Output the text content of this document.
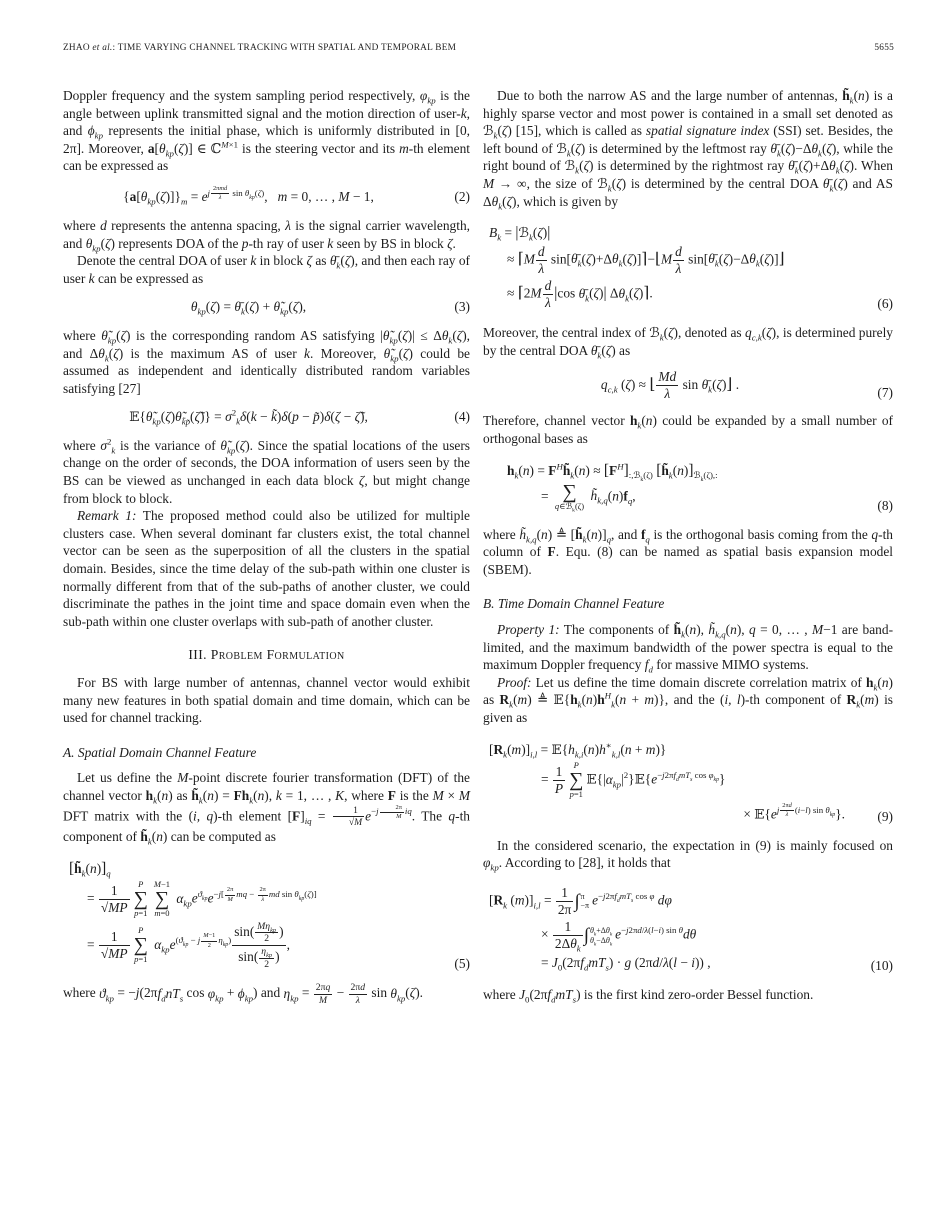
ZHAO et al.: TIME VARYING CHANNEL TRACKING WITH SPATIAL AND TEMPORAL BEM	5655

Doppler frequency and the system sampling period respectively, $\varphi_{kp}$ is the angle between uplink transmitted signal and the motion direction of user-k, and $\phi_{kp}$ represents the initial phase, which is uniformly distributed in [0, 2π]. Moreover, $a[\theta_{kp}(\zeta)]$ ∈ ℂ$^{M\times 1}$ is the steering vector and its m-th element can be expressed as

$\{a[\theta_{kp}(\zeta)]\}_m = e^{j 2\pi md \lambda sin \theta_{kp}(\zeta)}$,   m = 0, … , M − 1,	(2)

where d represents the antenna spacing, λ is the signal carrier wavelength, and $\theta_{kp}(\zeta)$ represents DOA of the p-th ray of user k seen by BS in block ζ.

Denote the central DOA of user k in block ζ as $\thetā_k(\zeta)$, and then each ray of user k can be expressed as

$\theta_{kp}(\zeta)$ = $\thetā_k(\zeta)$ + $\thetã_{kp}(\zeta)$,	(3)

where $\thetã_{kp}(\zeta)$ is the corresponding random AS satisfying $|\thetã_{kp}(\zeta)| \le \Delta\theta_k(\zeta)$, and $\Delta\theta_k(\zeta)$ is the maximum AS of user k. Moreover, $\thetã_{kp}(\zeta)$ could be assumed as independent and identically distributed random variables satisfying [27]

$𝔼\{\thetã_{kp}(\zeta)\thetã_{k̃p̃}(\zetã)\} = \sigma^2_k\delta(k$ − k̃)δ(p − p̃)δ(ζ − ζ̃),	(4)

where $\sigma^2_k$ is the variance of $\thetã_{kp}(\zeta)$. Since the spatial locations of the users change on the order of seconds, the DOA information of users seen by the BS can be viewed as unchanged in each data block ζ, but might change from block to block.

Remark 1: The proposed method could also be utilized for multiple clusters case. When several dominant far clusters exist, the total channel vector can be seen as the superposition of all the clusters in the spatial domain. Besides, since the time delay of the sub-path within one cluster is normally different from that of the sub-paths of another cluster, we could discriminate the pathes in the joint time and space domain even when the sub-path within one cluster overlaps with sub-path of another cluster.

III. Problem Formulation

For BS with large number of antennas, channel vector would exhibit many new features in both spatial domain and time domain, which can be used for channel tracking.

A. Spatial Domain Channel Feature

Let us define the M-point discrete fourier transformation (DFT) of the channel vector $h_k(n)$ as $h̃_k(n) = Fh_k(n)$, k = 1, … , K, where F is the M × M DFT matrix with the (i, q)-th element $[F]_{iq} = \frac{1}{√M} e^{-j \frac{2\pi}{M} iq}$. The q-th component of $h̃_k(n)$ can be computed as

$[h̃_k(n)]_q$
= $\frac{1}{√MP}$ P
∑
p=1
M−1
∑
m=0
$\alpha_{kp}e^{ϑ_{kp}}e^{-j[ \frac{2\pi}{M} mq - \frac{2\pi}{\lambda} md sin \theta_{kp}(\zeta)]}$
= $\frac{1}{√MP}$ P
∑
p=1
$\alpha_{kp}e^{(ϑ_{kp} - j \frac{M-1}{2} \eta_{kp})}$
sin( $M\eta_{kp}$
2 )
sin( $\eta_{kp}$
2 )
,
(5)

where $ϑ_{kp} = -j(2\pi f_dnT_s$ $\cos \varphi_{kp} + \phi_{kp}$) and $\eta_{kp} = \frac{2\pi q}{M} - \frac{2\pi d}{\lambda}$ $\sin \theta_{kp}(\zeta)$.

Due to both the narrow AS and the large number of antennas, $h̃_k(n)$ is a highly sparse vector and most power is contained in a small set denoted as ℬ$_k$(ζ) [15], which is called as spatial signature index (SSI) set. Besides, the left bound of ℬ$_k$(ζ) is determined by the leftmost ray $\thetā_k(\zeta)-\Delta\theta_k(\zeta)$, while the right bound of ℬ$_k$(ζ) is determined by the rightmost ray $\thetā_k(\zeta)+\Delta\theta_k(\zeta)$. When M → ∞, the size of ℬ$_k$(ζ) is determined by the central DOA $\thetā_k(\zeta)$ and AS $\Delta\theta_k(\zeta)$, which is given by

$B_k$ = |ℬ$_k$(ζ)|
≈ ⌈M $\frac{d}{\lambda}$ $\sin[\thetā_k(\zeta)+\Delta\theta_k(\zeta)]⌉-⌊M \frac{d}{\lambda}$ $\sin[\thetā_k(\zeta)-\Delta\theta_k(\zeta)]⌋$
≈ ⌈2M $\frac{d}{\lambda} |\cos$ $\thetā_k(\zeta)|$ $\Delta\theta_k(\zeta)⌉$.
(6)

Moreover, the central index of ℬ$_k$(ζ), denoted as $q_{c,k}(\zeta)$, is determined purely by the central DOA $\thetā_k(\zeta)$ as

$q_{c,k}$ (ζ) ≈ ⌊ $\frac{Md}{\lambda}$ $\sin \thetā_k(\zeta)⌋$ .
(7)

Therefore, channel vector $h_k(n)$ could be expanded by a small number of orthogonal bases as

$h_k(n)$ = $F^Hh̃_k(n) \approx [F^H]_{:,ℬ_k(\zeta)}$ $[h̃_k(n)]_{ℬ_k(\zeta),:}$
= ∑
q∈ℬ$_k$(ζ)
$h̃_{k,q}(n)f_q$,
(8)

where $h̃_{k,q}(n)$ ≜ $[h̃_k(n)]_q$, and $f_q$ is the orthogonal basis coming from the q-th column of F. Equ. (8) can be named as spatial basis expansion model (SBEM).

B. Time Domain Channel Feature

Property 1: The components of $h̃_k(n)$, $h̃_{k,q}(n)$, q = 0, … , M−1 are band-limited, and the maximum bandwidth of the power spectra is equal to the maximum Doppler frequency $f_d$ for massive MIMO systems.

Proof: Let us define the time domain discrete correlation matrix of $h_k(n)$ as $R_k(m)$ ≜ $𝔼\{h_k(n)h^H_k(n + m)\}$, and the (i, l)-th component of $R_k(m)$ is given as

$[R_k(m)]_{i,l}$ = $𝔼\{h_{k,i}(n)h^∗_{k,l}(n + m)\}$
= $\frac{1}{P}$ P
∑
p=1
$𝔼\{|\alpha_{kp}|^2\}𝔼\{e^{-j2\pi f_dmT_s cos \varphi_{kp}}\}$
× $𝔼\{e^{j \frac{2\pi d}{\lambda} (i-l) sin \theta_{kp}}\}$.	(9)

In the considered scenario, the expectation in (9) is mainly focused on $\varphi_{kp}$. According to [28], it holds that

[$R_k$ $(m)]_{i,l} = \frac{1}{2\pi}$ ∫ π
−π $e^{-j2\pi f_dmT_s cos \varphi}$ dφ
×
1
$2\Delta\theta_k$
∫ $\theta_k+\Delta\theta_k$
$\theta_k-\Delta\theta_k$
$e^{-j2\pi d/\lambda(l-i) sin \theta}d\theta$
= $J_0(2\pi f_dmT_s) \cdot g$ (2πd/λ(l − i)) ,	(10)

where $J_0(2\pi f_dmT_s)$ is the first kind zero-order Bessel function.
